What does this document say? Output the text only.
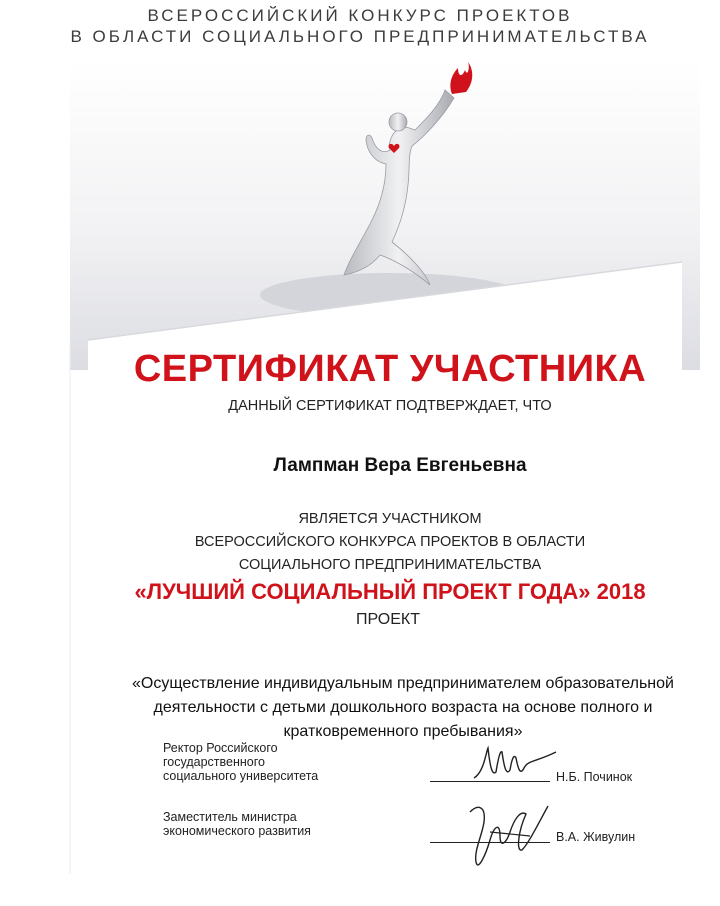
ВСЕРОССИЙСКИЙ КОНКУРС ПРОЕКТОВ
В ОБЛАСТИ СОЦИАЛЬНОГО ПРЕДПРИНИМАТЕЛЬСТВА
СЕРТИФИКАТ УЧАСТНИКА
ДАННЫЙ СЕРТИФИКАТ ПОДТВЕРЖДАЕТ, ЧТО
Лампман Вера Евгеньевна
ЯВЛЯЕТСЯ УЧАСТНИКОМ
ВСЕРОССИЙСКОГО КОНКУРСА ПРОЕКТОВ В ОБЛАСТИ
СОЦИАЛЬНОГО ПРЕДПРИНИМАТЕЛЬСТВА
«ЛУЧШИЙ СОЦИАЛЬНЫЙ ПРОЕКТ ГОДА» 2018
ПРОЕКТ
«Осуществление индивидуальным предпринимателем образовательной
деятельности с детьми дошкольного возраста на основе полного и
кратковременного пребывания»
Ректор Российского
государственного
социального университета	Н.Б. Починок
Заместитель министра
экономического развития	В.А. Живулин
